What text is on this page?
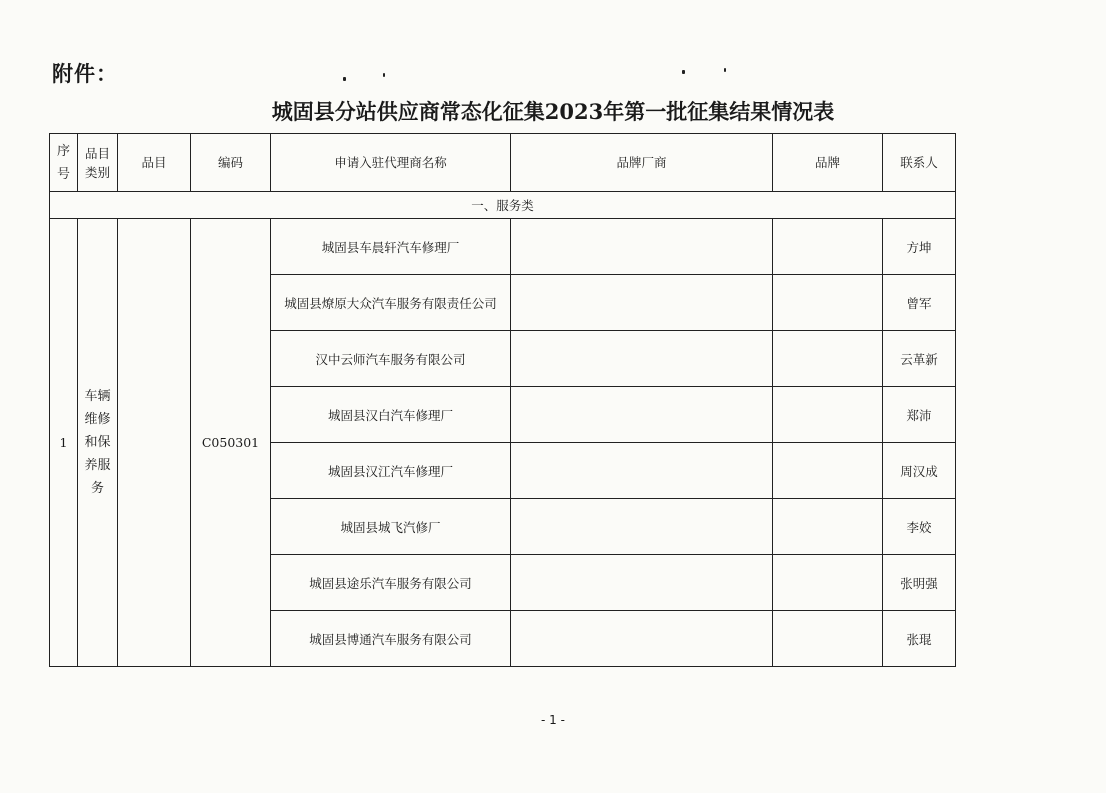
附件：
城固县分站供应商常态化征集2023年第一批征集结果情况表
序号	品目类别	品目	编码	申请入驻代理商名称	品牌厂商	品牌	联系人
一、服务类							
1	车辆维修和保养服务		C050301	城固县车晨轩汽车修理厂			方坤
				城固县燎原大众汽车服务有限责任公司			曾军
				汉中云师汽车服务有限公司			云革新
				城固县汉白汽车修理厂			郑沛
				城固县汉江汽车修理厂			周汉成
				城固县城飞汽修厂			李姣
				城固县途乐汽车服务有限公司			张明强
				城固县博通汽车服务有限公司			张琨
- 1 -
